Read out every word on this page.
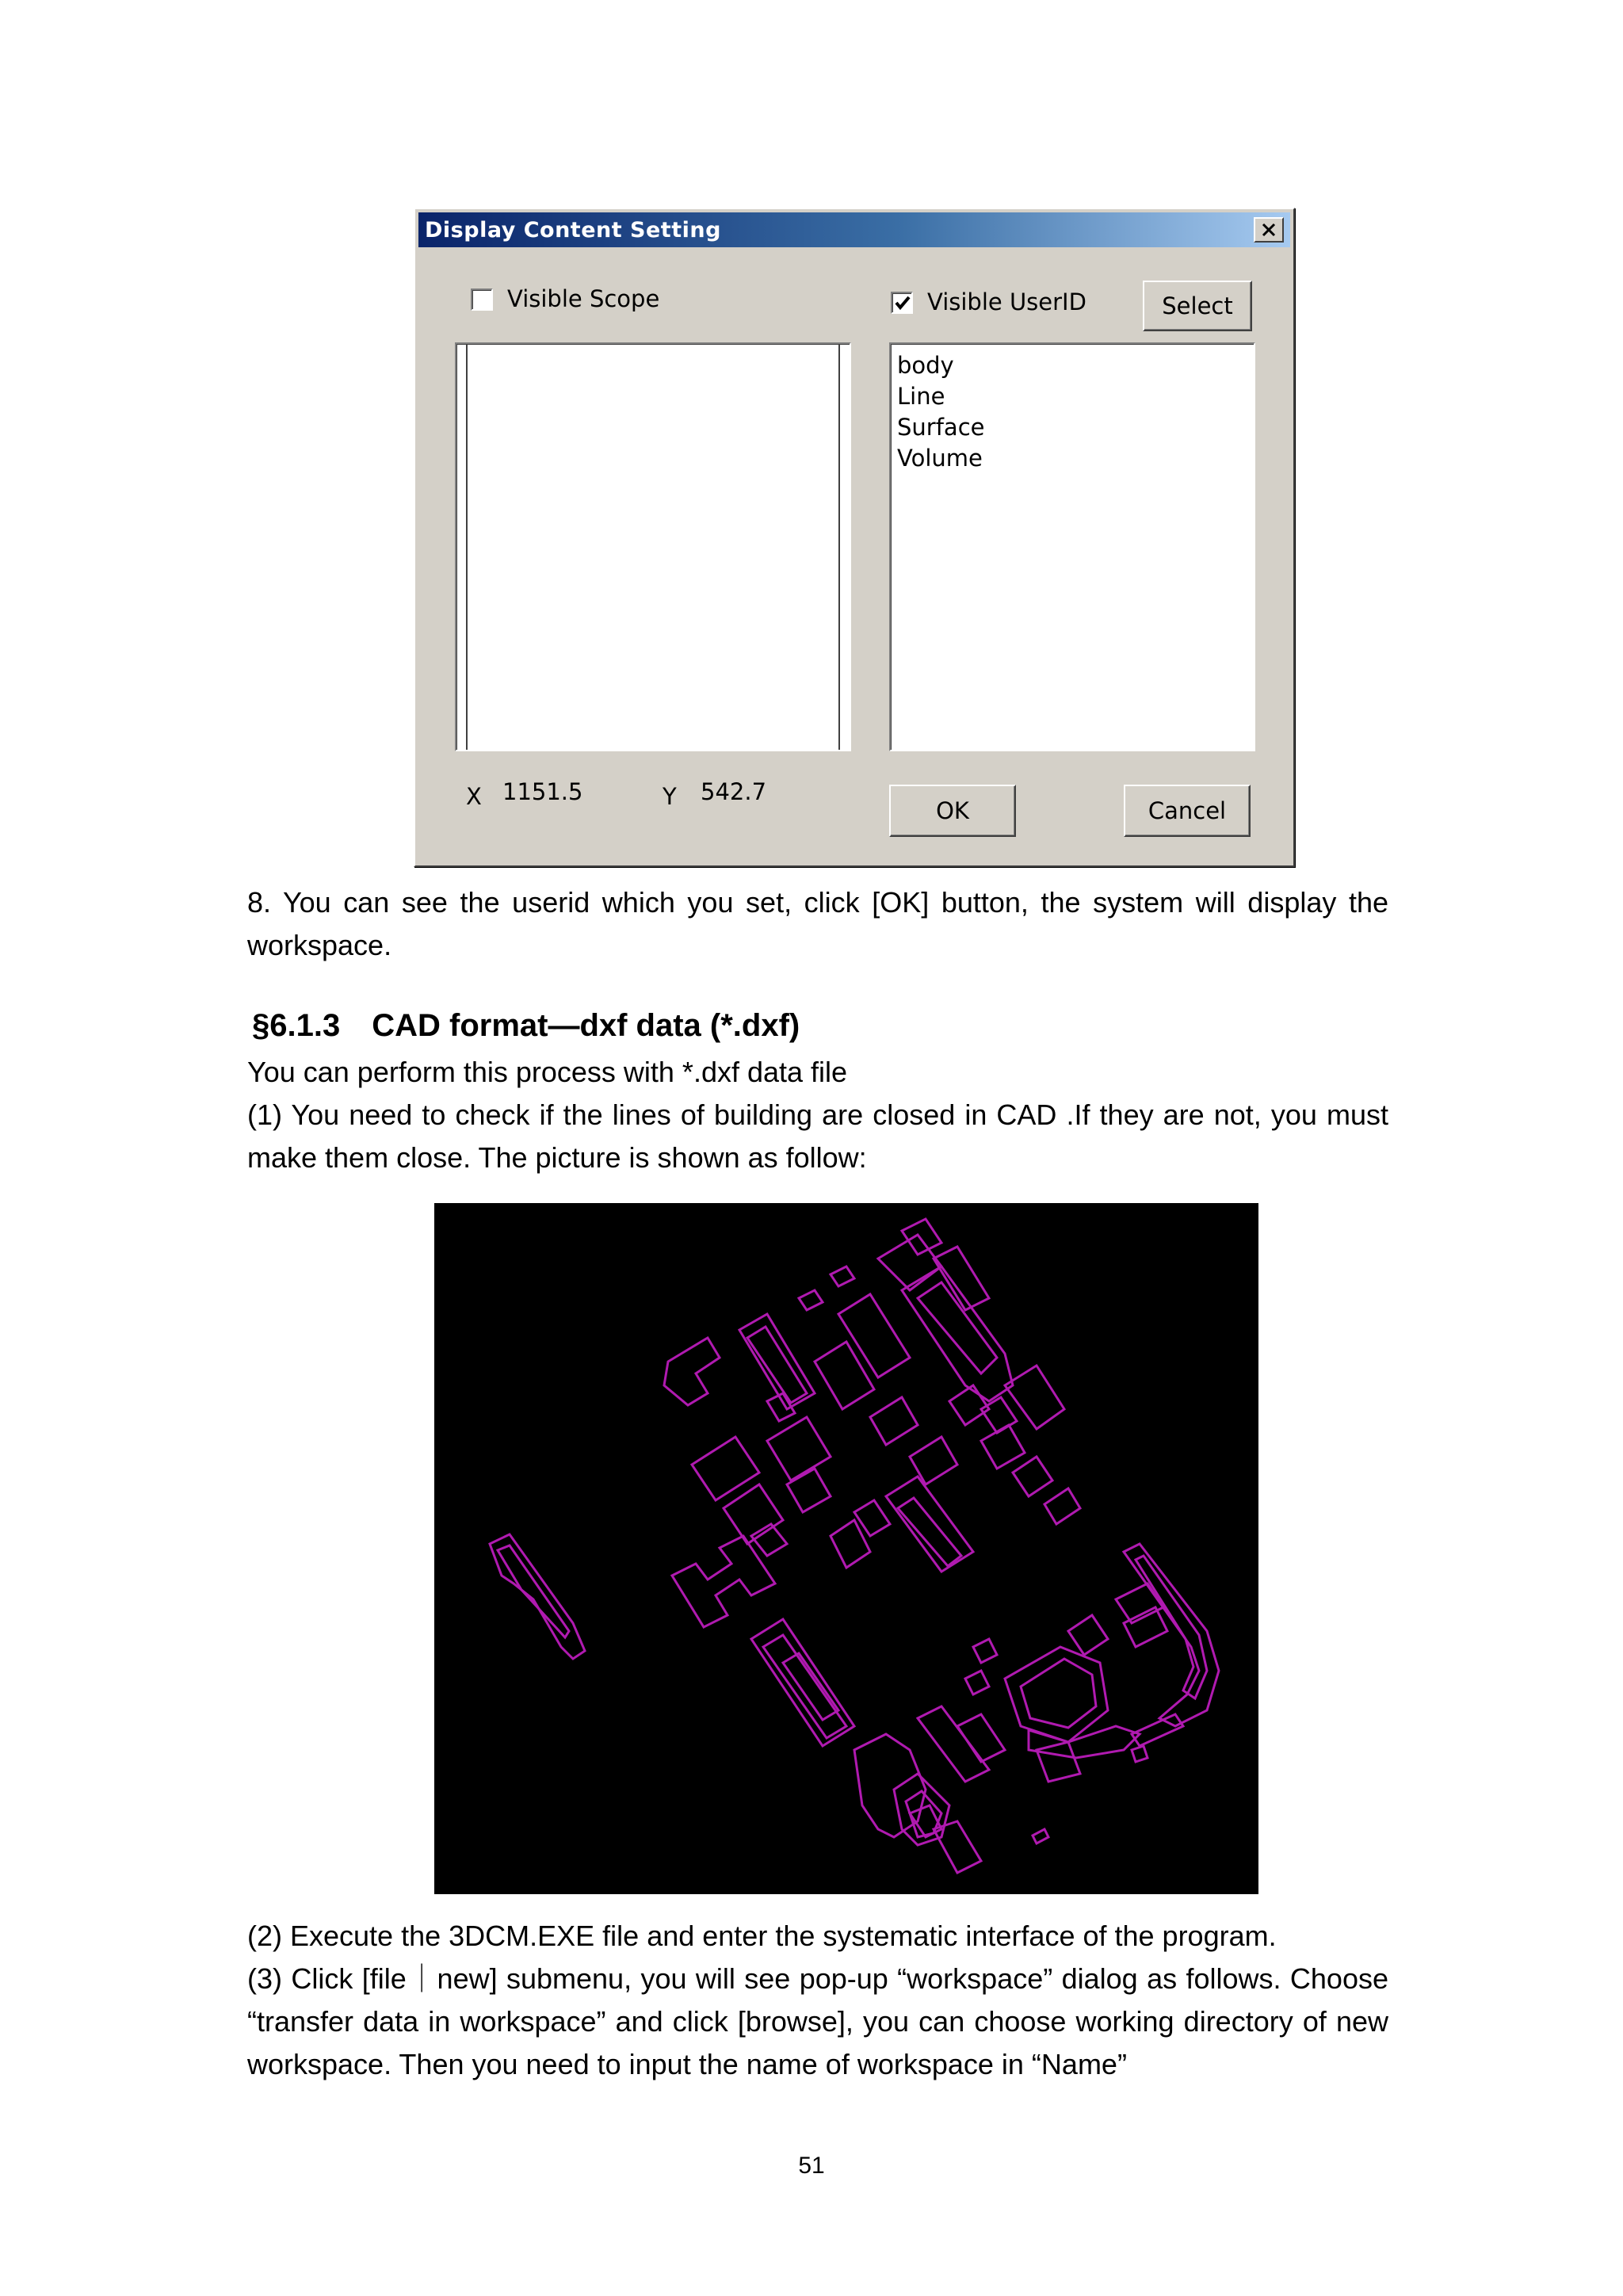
Display Content Setting
Visible Scope	Visible UserID	Select
body
Line
Surface
Volume
X 1151.5	Y 542.7
OK	Cancel

8. You can see the userid which you set, click [OK] button, the system will display the workspace.

§6.1.3 CAD format—dxf data (*.dxf)

You can perform this process with *.dxf data file

(1) You need to check if the lines of building are closed in CAD .If they are not, you must make them close. The picture is shown as follow:

(2) Execute the 3DCM.EXE file and enter the systematic interface of the program.

(3) Click [file｜new] submenu, you will see pop-up “workspace” dialog as follows. Choose “transfer data in workspace” and click [browse], you can choose working directory of new workspace. Then you need to input the name of workspace in “Name”

51
